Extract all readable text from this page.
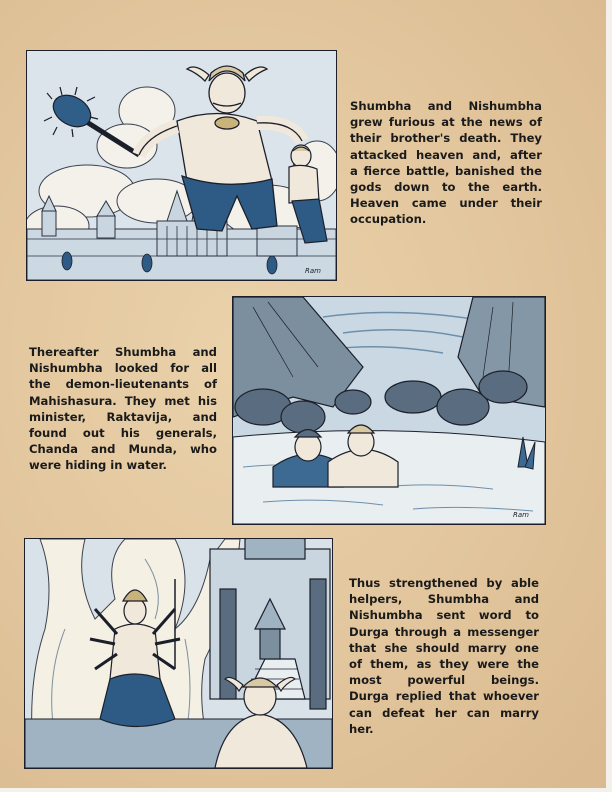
Ram

Shumbha and Nishumbha
grew furious at the news of
their brother's death. They
attacked heaven and, after
a fierce battle, banished the
gods down to the earth.
Heaven came under their
occupation.

Ram

Thereafter Shumbha and
Nishumbha looked for all
the demon-lieutenants of
Mahishasura. They met his
minister, Raktavija, and
found out his generals,
Chanda and Munda, who
were hiding in water.

Thus strengthened by able
helpers, Shumbha and
Nishumbha sent word to
Durga through a messenger
that she should marry one
of them, as they were the
most powerful beings.
Durga replied that whoever
can defeat her can marry
her.
